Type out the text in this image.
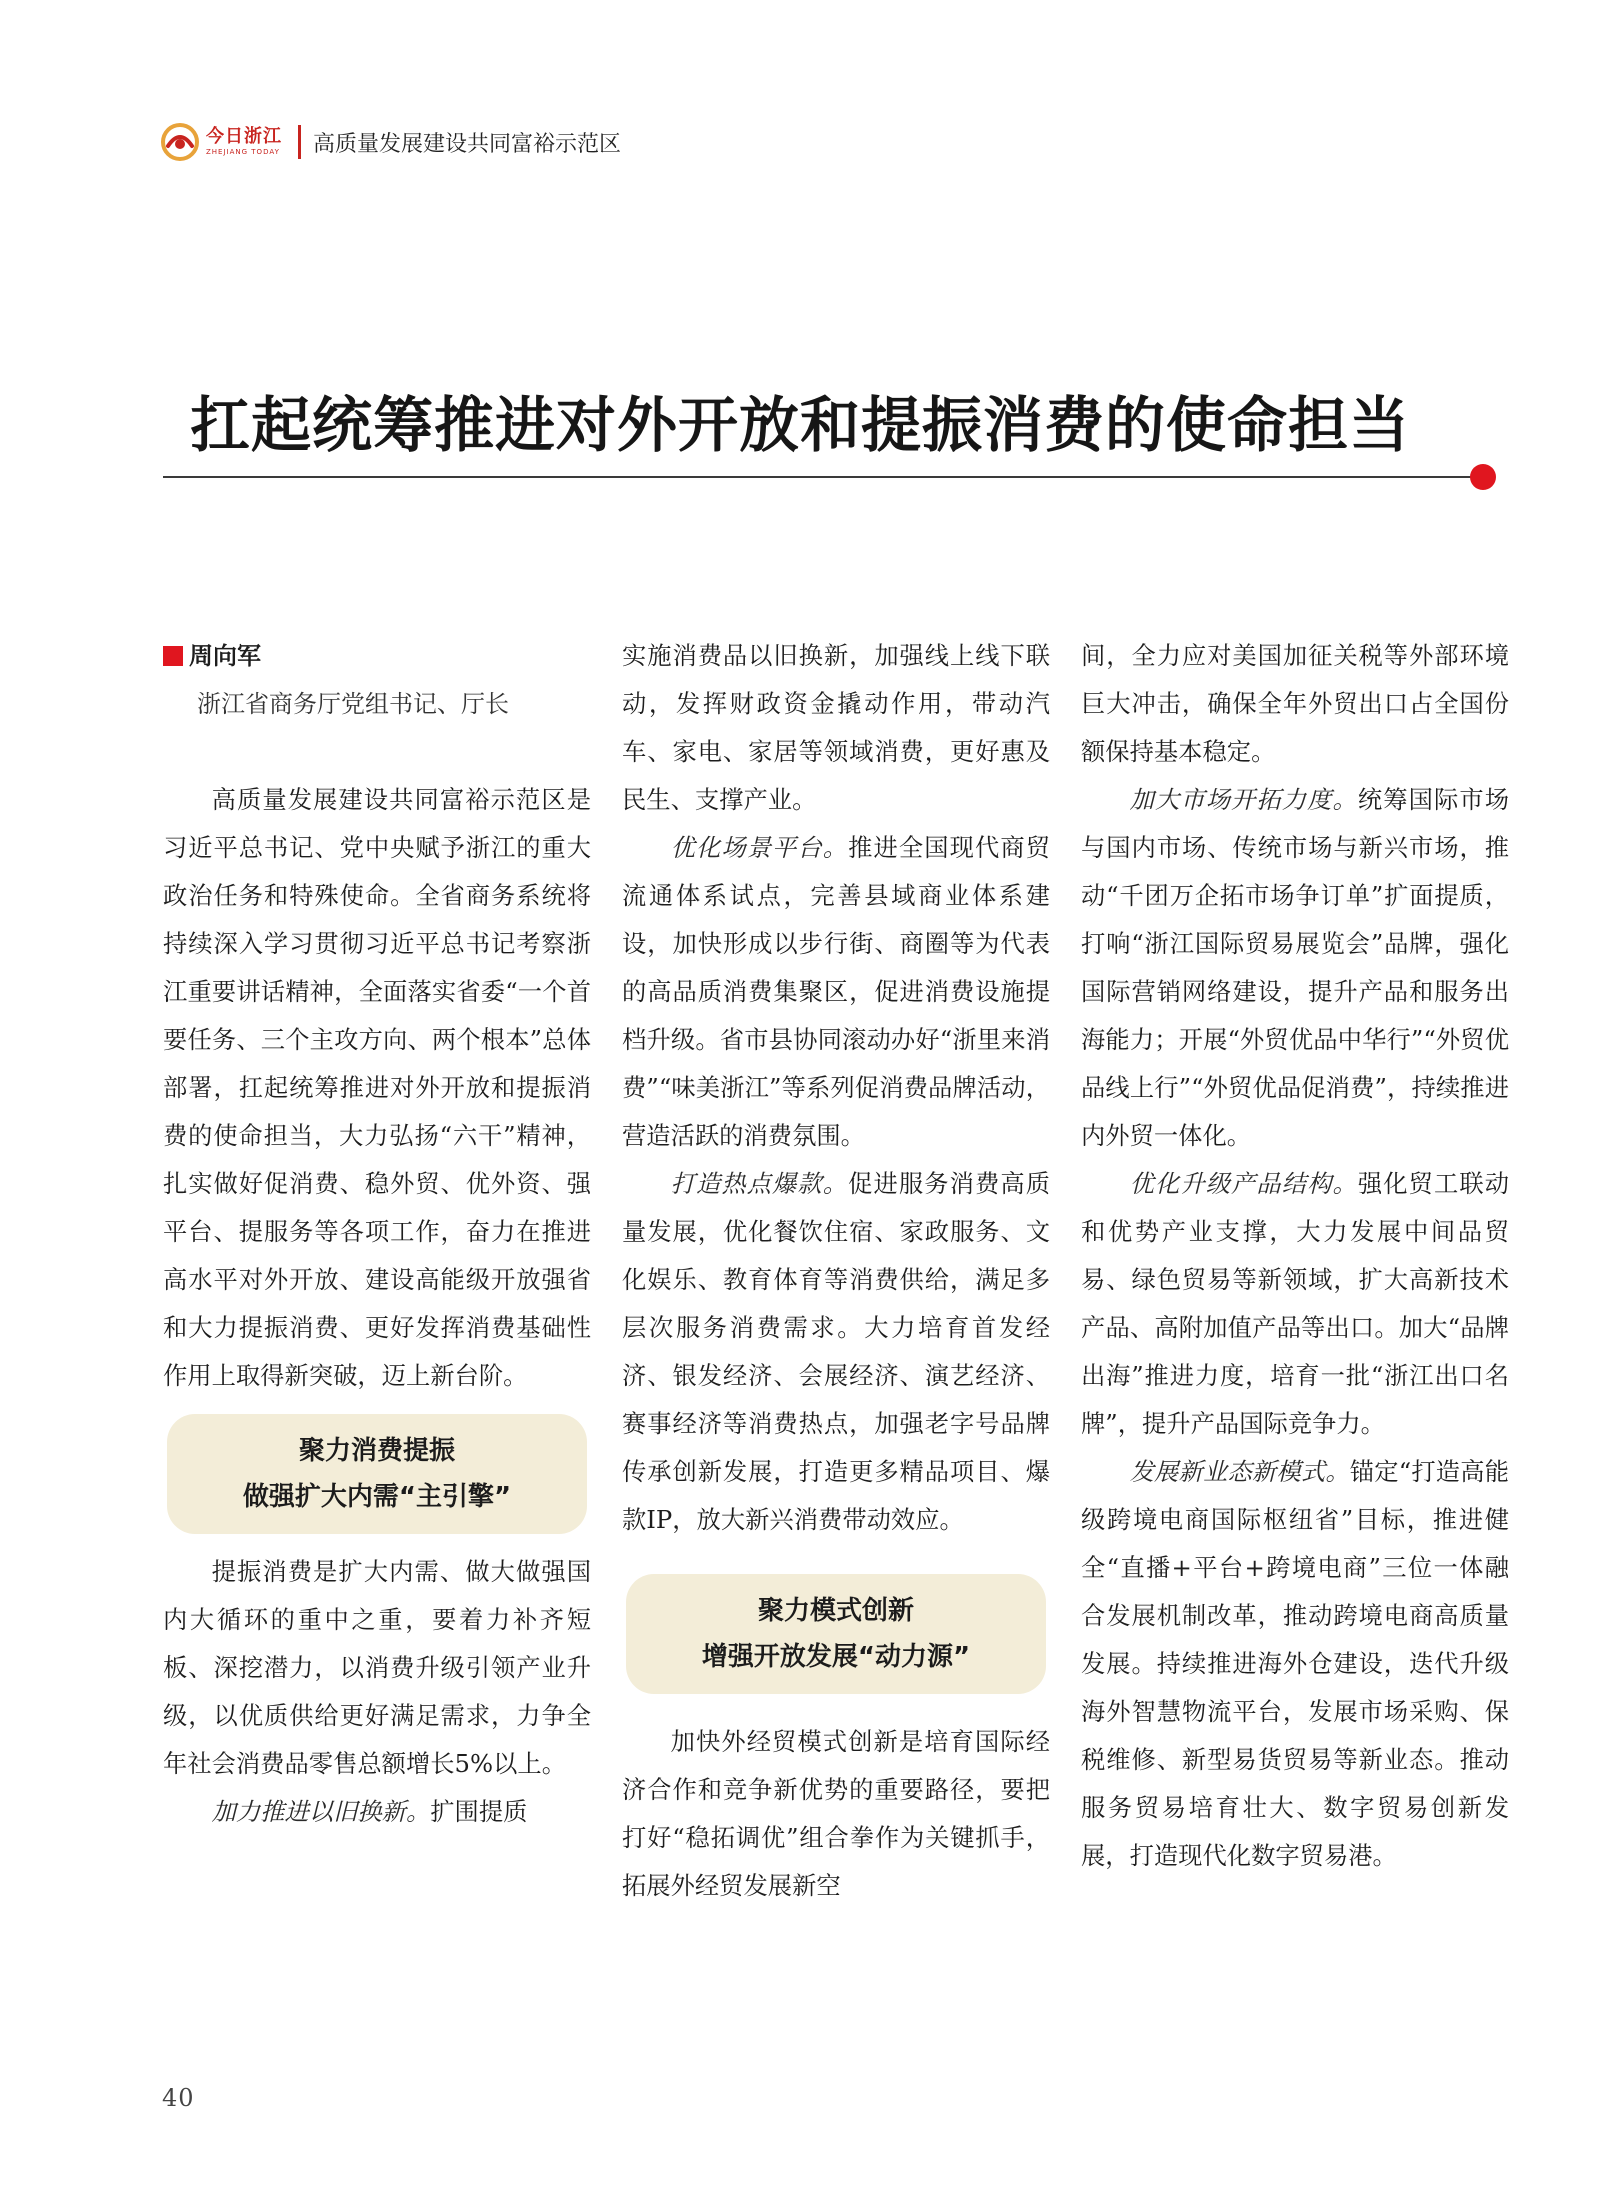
今日浙江
ZHEJIANG TODAY 高质量发展建设共同富裕示范区
扛起统筹推进对外开放和提振消费的使命担当
周向军
浙江省商务厅党组书记、厅长

高质量发展建设共同富裕示范区是习近平总书记、党中央赋予浙江的重大政治任务和特殊使命。全省商务系统将持续深入学习贯彻习近平总书记考察浙江重要讲话精神，全面落实省委“一个首要任务、三个主攻方向、两个根本”总体部署，扛起统筹推进对外开放和提振消费的使命担当，大力弘扬“六干”精神，扎实做好促消费、稳外贸、优外资、强平台、提服务等各项工作，奋力在推进高水平对外开放、建设高能级开放强省和大力提振消费、更好发挥消费基础性作用上取得新突破，迈上新台阶。

聚力消费提振
做强扩大内需“主引擎”

提振消费是扩大内需、做大做强国内大循环的重中之重，要着力补齐短板、深挖潜力，以消费升级引领产业升级，以优质供给更好满足需求，力争全年社会消费品零售总额增长5%以上。

加力推进以旧换新。扩围提质

实施消费品以旧换新，加强线上线下联动，发挥财政资金撬动作用，带动汽车、家电、家居等领域消费，更好惠及民生、支撑产业。

优化场景平台。推进全国现代商贸流通体系试点，完善县域商业体系建设，加快形成以步行街、商圈等为代表的高品质消费集聚区，促进消费设施提档升级。省市县协同滚动办好“浙里来消费”“味美浙江”等系列促消费品牌活动，营造活跃的消费氛围。

打造热点爆款。促进服务消费高质量发展，优化餐饮住宿、家政服务、文化娱乐、教育体育等消费供给，满足多层次服务消费需求。大力培育首发经济、银发经济、会展经济、演艺经济、赛事经济等消费热点，加强老字号品牌传承创新发展，打造更多精品项目、爆款IP，放大新兴消费带动效应。

聚力模式创新
增强开放发展“动力源”

加快外经贸模式创新是培育国际经济合作和竞争新优势的重要路径，要把打好“稳拓调优”组合拳作为关键抓手，拓展外经贸发展新空

间，全力应对美国加征关税等外部环境巨大冲击，确保全年外贸出口占全国份额保持基本稳定。

加大市场开拓力度。统筹国际市场与国内市场、传统市场与新兴市场，推动“千团万企拓市场争订单”扩面提质，打响“浙江国际贸易展览会”品牌，强化国际营销网络建设，提升产品和服务出海能力；开展“外贸优品中华行”“外贸优品线上行”“外贸优品促消费”，持续推进内外贸一体化。

优化升级产品结构。强化贸工联动和优势产业支撑，大力发展中间品贸易、绿色贸易等新领域，扩大高新技术产品、高附加值产品等出口。加大“品牌出海”推进力度，培育一批“浙江出口名牌”，提升产品国际竞争力。

发展新业态新模式。锚定“打造高能级跨境电商国际枢纽省”目标，推进健全“直播+平台+跨境电商”三位一体融合发展机制改革，推动跨境电商高质量发展。持续推进海外仓建设，迭代升级海外智慧物流平台，发展市场采购、保税维修、新型易货贸易等新业态。推动服务贸易培育壮大、数字贸易创新发展，打造现代化数字贸易港。

40
